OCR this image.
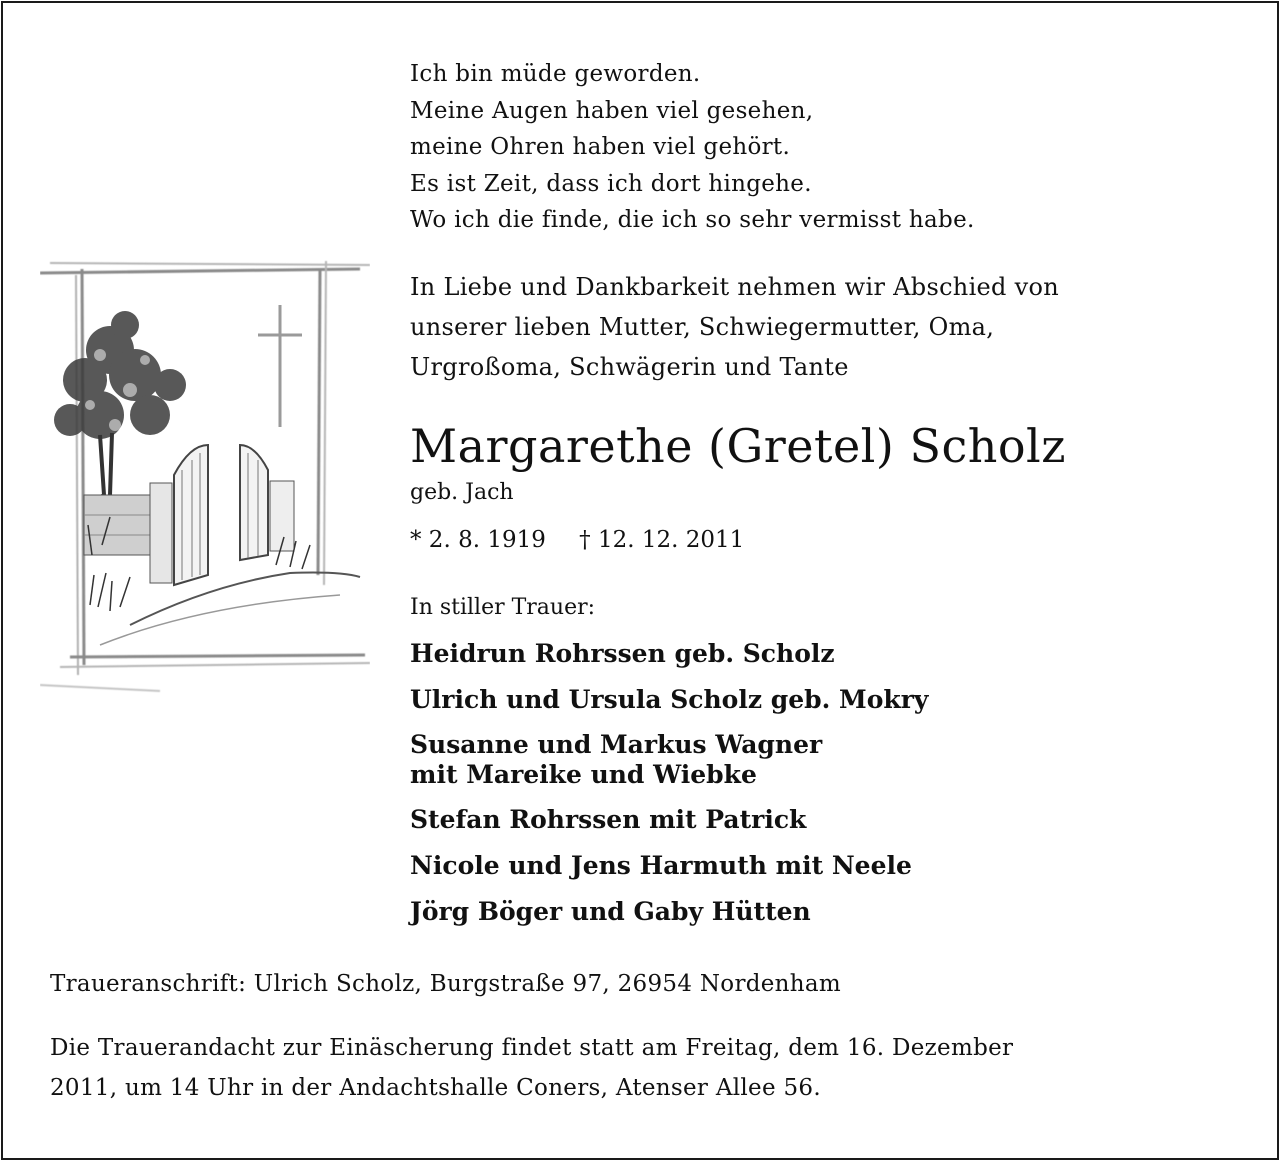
Ich bin müde geworden.
Meine Augen haben viel gesehen,
meine Ohren haben viel gehört.
Es ist Zeit, dass ich dort hingehe.
Wo ich die finde, die ich so sehr vermisst habe.
In Liebe und Dankbarkeit nehmen wir Abschied von
unserer lieben Mutter, Schwiegermutter, Oma,
Urgroßoma, Schwägerin und Tante
Margarethe (Gretel) Scholz
geb. Jach
* 2. 8. 1919 † 12. 12. 2011
In stiller Trauer:
Heidrun Rohrssen geb. Scholz
Ulrich und Ursula Scholz geb. Mokry
Susanne und Markus Wagner
mit Mareike und Wiebke
Stefan Rohrssen mit Patrick
Nicole und Jens Harmuth mit Neele
Jörg Böger und Gaby Hütten
Traueranschrift: Ulrich Scholz, Burgstraße 97, 26954 Nordenham
Die Trauerandacht zur Einäscherung findet statt am Freitag, dem 16. Dezember
2011, um 14 Uhr in der Andachtshalle Coners, Atenser Allee 56.
